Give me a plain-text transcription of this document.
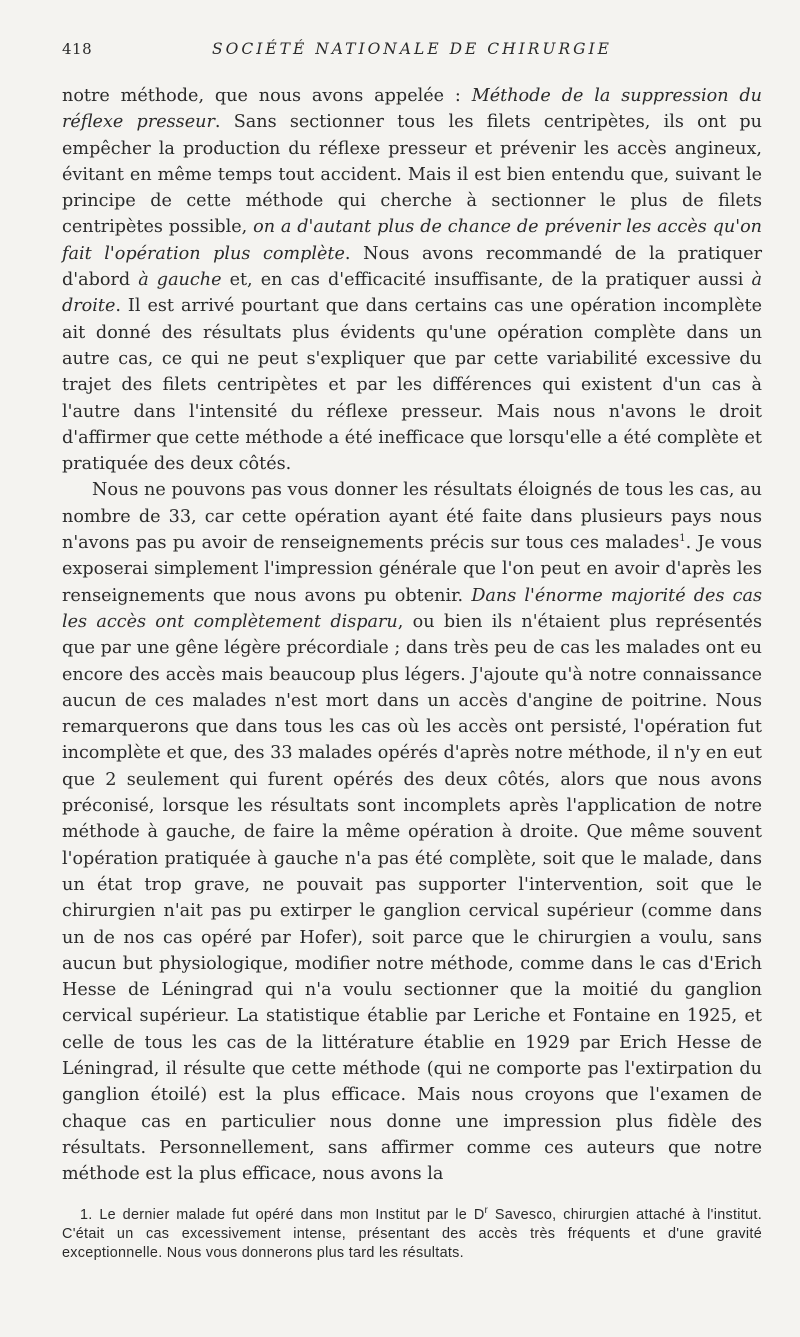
418	SOCIÉTÉ NATIONALE DE CHIRURGIE

notre méthode, que nous avons appelée : Méthode de la suppression du réflexe presseur. Sans sectionner tous les filets centripètes, ils ont pu empêcher la production du réflexe presseur et prévenir les accès angineux, évitant en même temps tout accident. Mais il est bien entendu que, suivant le principe de cette méthode qui cherche à sectionner le plus de filets centripètes possible, on a d'autant plus de chance de prévenir les accès qu'on fait l'opération plus complète. Nous avons recommandé de la pratiquer d'abord à gauche et, en cas d'efficacité insuffisante, de la pratiquer aussi à droite. Il est arrivé pourtant que dans certains cas une opération incomplète ait donné des résultats plus évidents qu'une opération complète dans un autre cas, ce qui ne peut s'expliquer que par cette variabilité excessive du trajet des filets centripètes et par les différences qui existent d'un cas à l'autre dans l'intensité du réflexe presseur. Mais nous n'avons le droit d'affirmer que cette méthode a été inefficace que lorsqu'elle a été complète et pratiquée des deux côtés.

Nous ne pouvons pas vous donner les résultats éloignés de tous les cas, au nombre de 33, car cette opération ayant été faite dans plusieurs pays nous n'avons pas pu avoir de renseignements précis sur tous ces malades$^1$. Je vous exposerai simplement l'impression générale que l'on peut en avoir d'après les renseignements que nous avons pu obtenir. Dans l'énorme majorité des cas les accès ont complètement disparu, ou bien ils n'étaient plus représentés que par une gêne légère précordiale ; dans très peu de cas les malades ont eu encore des accès mais beaucoup plus légers. J'ajoute qu'à notre connaissance aucun de ces malades n'est mort dans un accès d'angine de poitrine. Nous remarquerons que dans tous les cas où les accès ont persisté, l'opération fut incomplète et que, des 33 malades opérés d'après notre méthode, il n'y en eut que 2 seulement qui furent opérés des deux côtés, alors que nous avons préconisé, lorsque les résultats sont incomplets après l'application de notre méthode à gauche, de faire la même opération à droite. Que même souvent l'opération pratiquée à gauche n'a pas été complète, soit que le malade, dans un état trop grave, ne pouvait pas supporter l'intervention, soit que le chirurgien n'ait pas pu extirper le ganglion cervical supérieur (comme dans un de nos cas opéré par Hofer), soit parce que le chirurgien a voulu, sans aucun but physiologique, modifier notre méthode, comme dans le cas d'Erich Hesse de Léningrad qui n'a voulu sectionner que la moitié du ganglion cervical supérieur. La statistique établie par Leriche et Fontaine en 1925, et celle de tous les cas de la littérature établie en 1929 par Erich Hesse de Léningrad, il résulte que cette méthode (qui ne comporte pas l'extirpation du ganglion étoilé) est la plus efficace. Mais nous croyons que l'examen de chaque cas en particulier nous donne une impression plus fidèle des résultats. Personnellement, sans affirmer comme ces auteurs que notre méthode est la plus efficace, nous avons la

1. Le dernier malade fut opéré dans mon Institut par le $D^r$ Savesco, chirurgien attaché à l'institut. C'était un cas excessivement intense, présentant des accès très fréquents et d'une gravité exceptionnelle. Nous vous donnerons plus tard les résultats.
